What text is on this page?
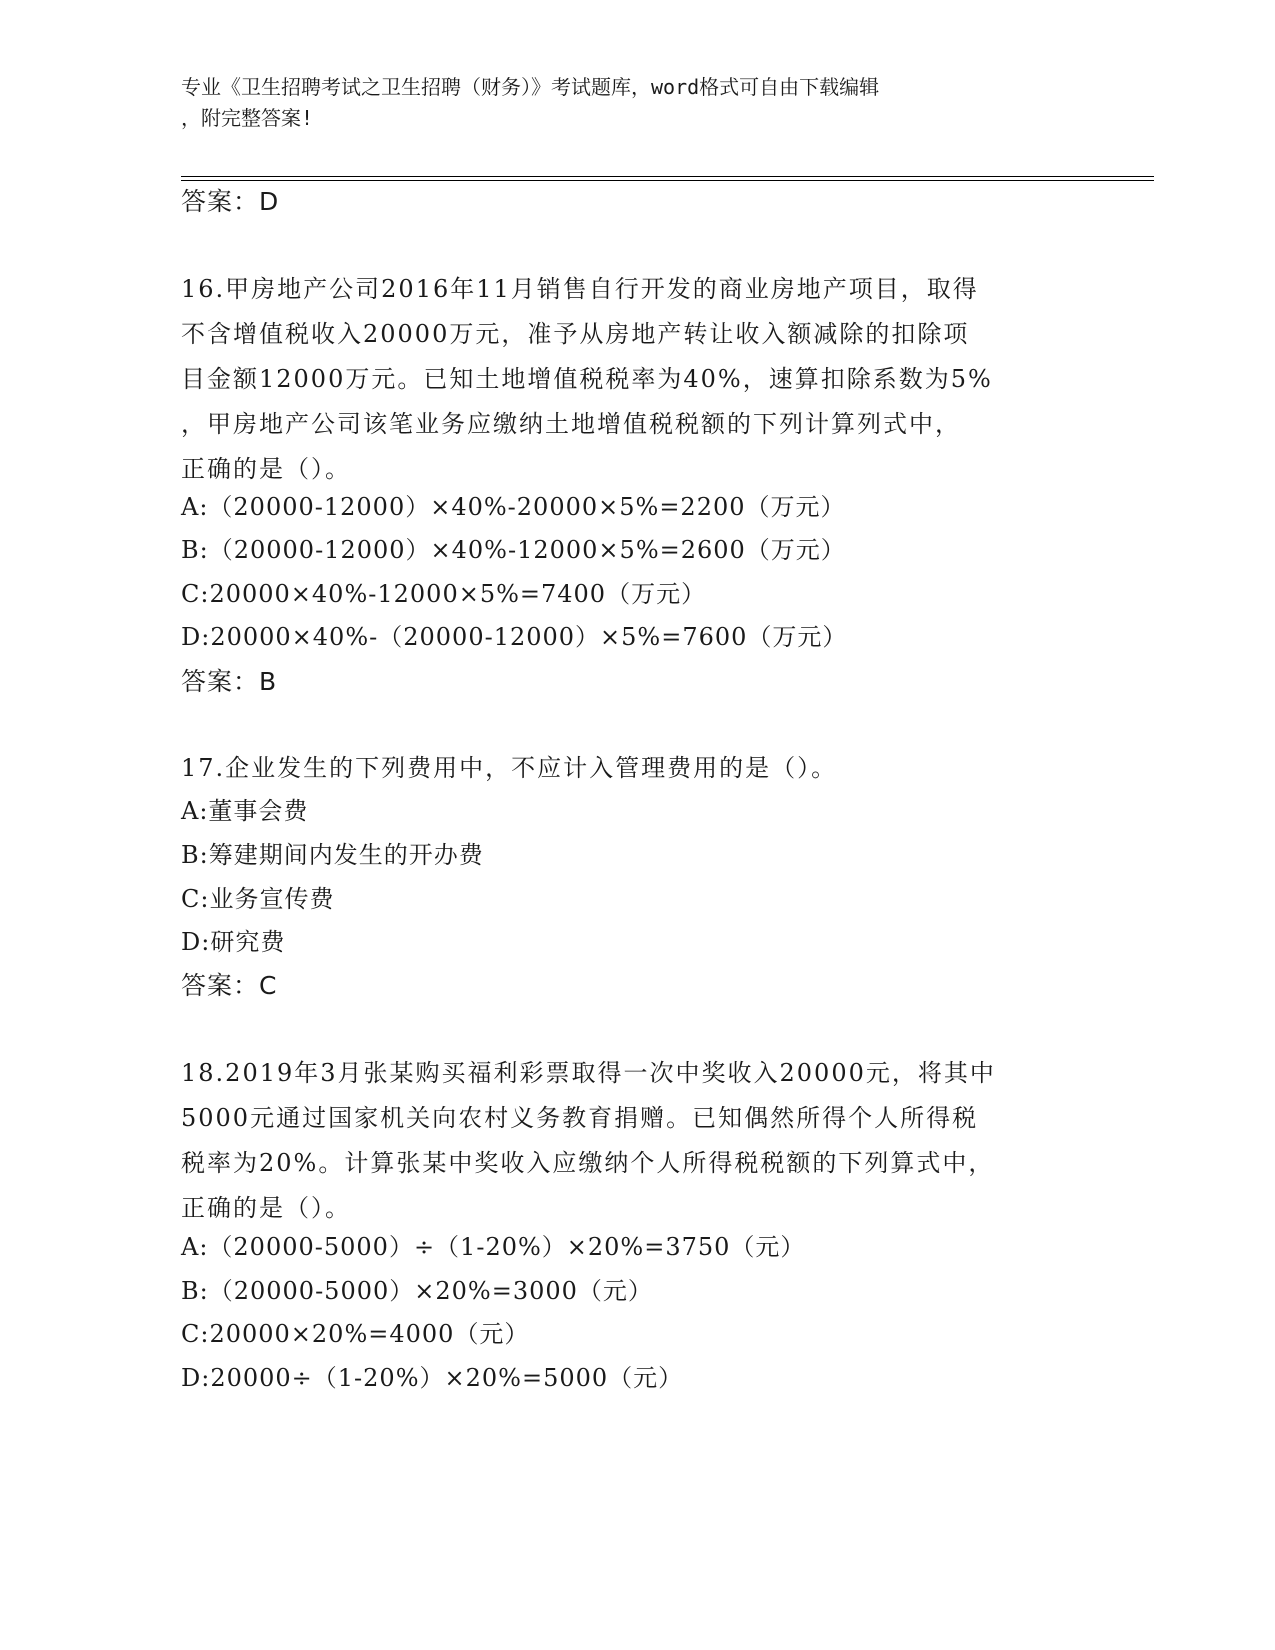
专业《卫生招聘考试之卫生招聘（财务）》考试题库，word格式可自由下载编辑
，附完整答案!
答案：D

16.甲房地产公司2016年11月销售自行开发的商业房地产项目，取得

不含增值税收入20000万元，准予从房地产转让收入额减除的扣除项

目金额12000万元。已知土地增值税税率为40%，速算扣除系数为5%

，甲房地产公司该笔业务应缴纳土地增值税税额的下列计算列式中，

正确的是（）。

A:（20000-12000）×40%-20000×5%=2200（万元）
B:（20000-12000）×40%-12000×5%=2600（万元）
C:20000×40%-12000×5%=7400（万元）
D:20000×40%-（20000-12000）×5%=7600（万元）
答案：B

17.企业发生的下列费用中，不应计入管理费用的是（）。

A:董事会费
B:筹建期间内发生的开办费
C:业务宣传费
D:研究费
答案：C

18.2019年3月张某购买福利彩票取得一次中奖收入20000元，将其中

5000元通过国家机关向农村义务教育捐赠。已知偶然所得个人所得税

税率为20%。计算张某中奖收入应缴纳个人所得税税额的下列算式中，

正确的是（）。

A:（20000-5000）÷（1-20%）×20%=3750（元）
B:（20000-5000）×20%=3000（元）
C:20000×20%=4000（元）
D:20000÷（1-20%）×20%=5000（元）
